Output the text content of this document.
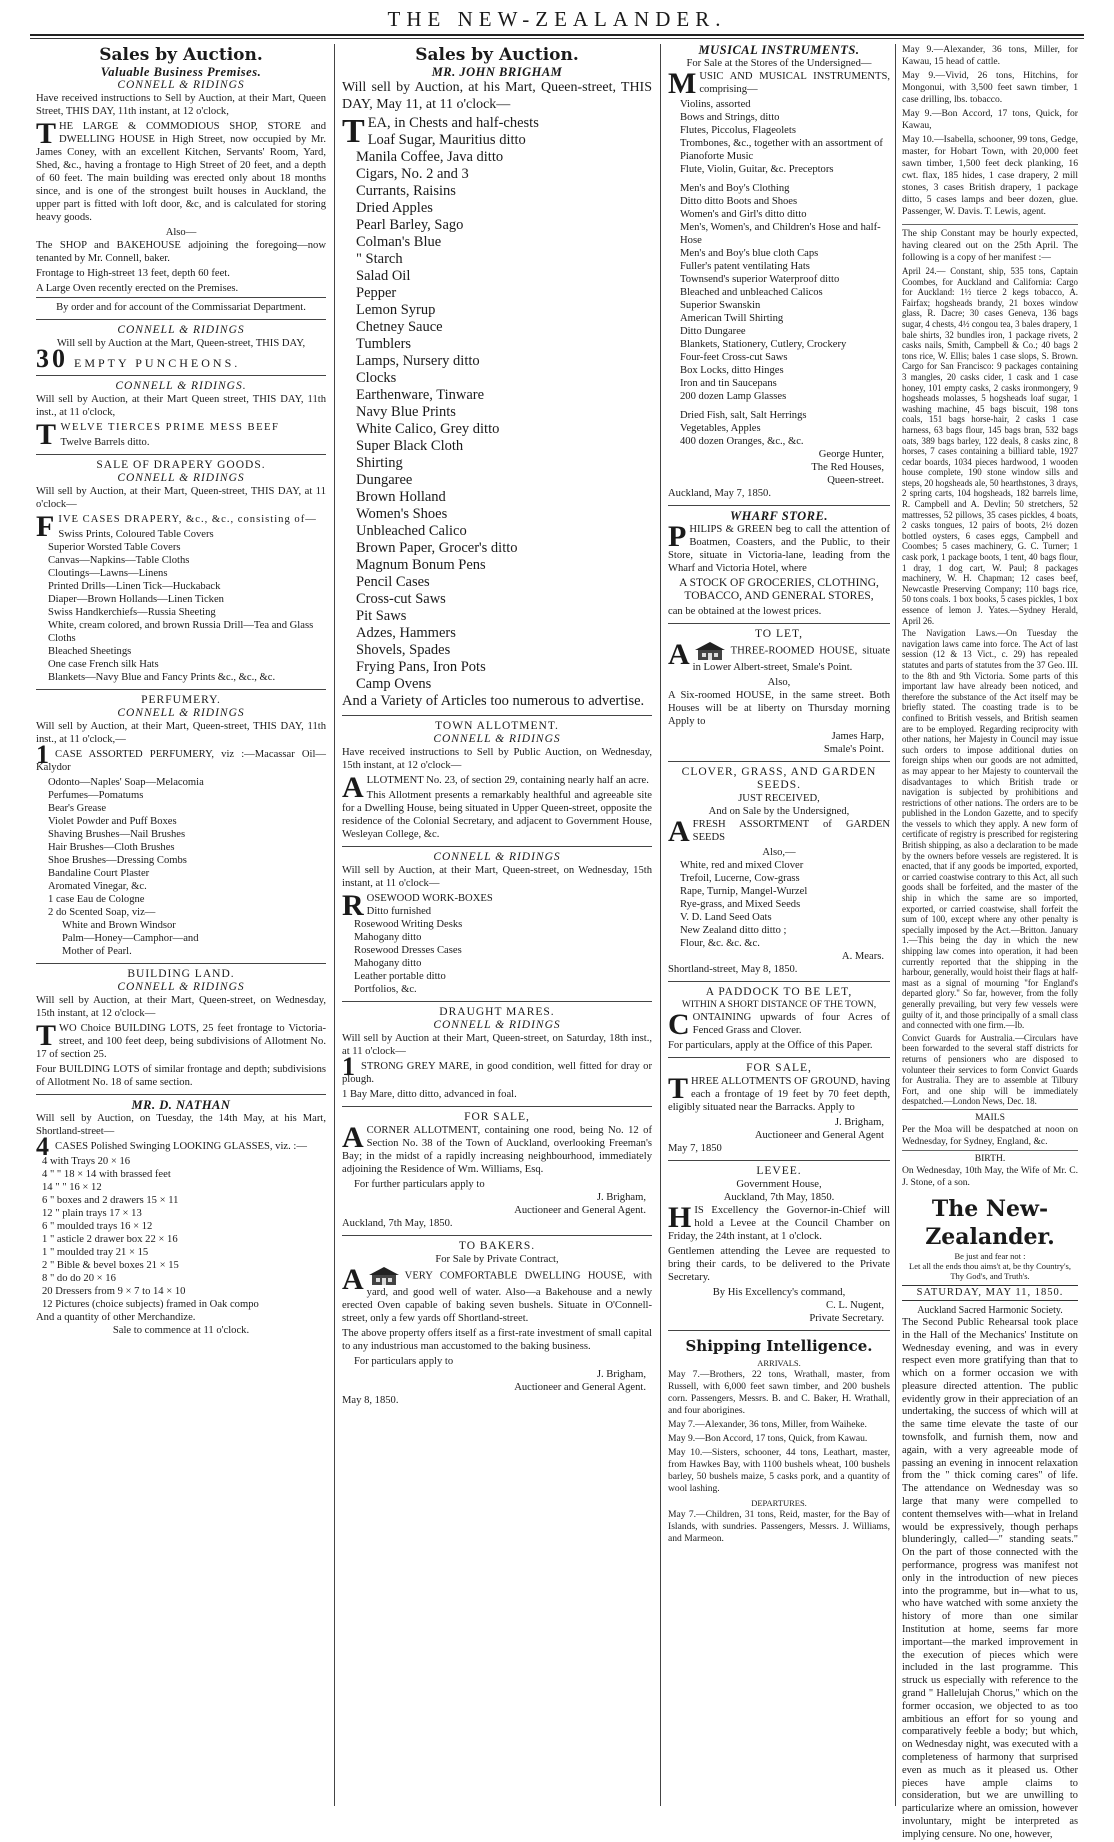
THE NEW-ZEALANDER.
Sales by Auction.
Valuable Business Premises.
CONNELL & RIDINGS

Have received instructions to Sell by Auction, at their Mart, Queen Street, THIS DAY, 11th instant, at 12 o'clock,

THE LARGE & COMMODIOUS SHOP, STORE and DWELLING HOUSE in High Street, now occupied by Mr. James Coney, with an excellent Kitchen, Servants' Room, Yard, Shed, &c., having a frontage to High Street of 20 feet, and a depth of 60 feet. The main building was erected only about 18 months since, and is one of the strongest built houses in Auckland, the upper part is fitted with loft door, &c, and is calculated for storing heavy goods.

Also—

The SHOP and BAKEHOUSE adjoining the foregoing—now tenanted by Mr. Connell, baker.

Frontage to High-street 13 feet, depth 60 feet.

A Large Oven recently erected on the Premises.

By order and for account of the Commissariat Department.

CONNELL & RIDINGS

Will sell by Auction at the Mart, Queen-street, THIS DAY,

30 EMPTY PUNCHEONS.
CONNELL & RIDINGS.

Will sell by Auction, at their Mart Queen street, THIS DAY, 11th inst., at 11 o'clock,

TWELVE TIERCES PRIME MESS BEEF

Twelve Barrels ditto.
SALE OF DRAPERY GOODS.
CONNELL & RIDINGS

Will sell by Auction, at their Mart, Queen-street, THIS DAY, at 11 o'clock—

FIVE CASES DRAPERY, &c., &c., consisting of—

Swiss Prints, Coloured Table Covers
Superior Worsted Table Covers
Canvas—Napkins—Table Cloths
Cloutings—Lawns—Linens
Printed Drills—Linen Tick—Huckaback
Diaper—Brown Hollands—Linen Ticken
Swiss Handkerchiefs—Russia Sheeting
White, cream colored, and brown Russia Drill—Tea and Glass Cloths
Bleached Sheetings
One case French silk Hats
Blankets—Navy Blue and Fancy Prints &c., &c., &c.
PERFUMERY.
CONNELL & RIDINGS

Will sell by Auction, at their Mart, Queen-street, THIS DAY, 11th inst., at 11 o'clock,—

1 CASE ASSORTED PERFUMERY, viz :—Macassar Oil—Kalydor

Odonto—Naples' Soap—Melacomia
Perfumes—Pomatums
Bear's Grease
Violet Powder and Puff Boxes
Shaving Brushes—Nail Brushes
Hair Brushes—Cloth Brushes
Shoe Brushes—Dressing Combs
Bandaline Court Plaster
Aromated Vinegar, &c.
1 case Eau de Cologne
2 do Scented Soap, viz—
White and Brown Windsor
Palm—Honey—Camphor—and
Mother of Pearl.
BUILDING LAND.
CONNELL & RIDINGS

Will sell by Auction, at their Mart, Queen-street, on Wednesday, 15th instant, at 12 o'clock—

TWO Choice BUILDING LOTS, 25 feet frontage to Victoria-street, and 100 feet deep, being subdivisions of Allotment No. 17 of section 25.

Four BUILDING LOTS of similar frontage and depth; subdivisions of Allotment No. 18 of same section.

MR. D. NATHAN

Will sell by Auction, on Tuesday, the 14th May, at his Mart, Shortland-street—

4 CASES Polished Swinging LOOKING GLASSES, viz. :—

4 with Trays 20 × 16
4 " " 18 × 14 with brassed feet
14 " " 16 × 12
6 " boxes and 2 drawers 15 × 11
12 " plain trays 17 × 13
6 " moulded trays 16 × 12
1 " asticle 2 drawer box 22 × 16
1 " moulded tray 21 × 15
2 " Bible & bevel boxes 21 × 15
8 " do do 20 × 16
20 Dressers from 9 × 7 to 14 × 10
12 Pictures (choice subjects) framed in Oak compo
And a quantity of other Merchandize.
Sale to commence at 11 o'clock.
Sales by Auction.
MR. JOHN BRIGHAM

Will sell by Auction, at his Mart, Queen-street, THIS DAY, May 11, at 11 o'clock—

TEA, in Chests and half-chests
Loaf Sugar, Mauritius ditto
Manila Coffee, Java ditto
Cigars, No. 2 and 3
Currants, Raisins
Dried Apples
Pearl Barley, Sago
Colman's Blue
" Starch
Salad Oil
Pepper
Lemon Syrup
Chetney Sauce
Tumblers
Lamps, Nursery ditto
Clocks
Earthenware, Tinware
Navy Blue Prints
White Calico, Grey ditto
Super Black Cloth
Shirting
Dungaree
Brown Holland
Women's Shoes
Unbleached Calico
Brown Paper, Grocer's ditto
Magnum Bonum Pens
Pencil Cases
Cross-cut Saws
Pit Saws
Adzes, Hammers
Shovels, Spades
Frying Pans, Iron Pots
Camp Ovens
And a Variety of Articles too numerous to advertise.
TOWN ALLOTMENT.
CONNELL & RIDINGS

Have received instructions to Sell by Public Auction, on Wednesday, 15th instant, at 12 o'clock—

ALLOTMENT No. 23, of section 29, containing nearly half an acre.

This Allotment presents a remarkably healthful and agreeable site for a Dwelling House, being situated in Upper Queen-street, opposite the residence of the Colonial Secretary, and adjacent to Government House, Wesleyan College, &c.

CONNELL & RIDINGS

Will sell by Auction, at their Mart, Queen-street, on Wednesday, 15th instant, at 11 o'clock—

ROSEWOOD WORK-BOXES
Ditto furnished
Rosewood Writing Desks
Mahogany ditto
Rosewood Dresses Cases
Mahogany ditto
Leather portable ditto
Portfolios, &c.
DRAUGHT MARES.
CONNELL & RIDINGS

Will sell by Auction at their Mart, Queen-street, on Saturday, 18th inst., at 11 o'clock—

1 STRONG GREY MARE, in good condition, well fitted for dray or plough.

1 Bay Mare, ditto ditto, advanced in foal.
FOR SALE,

ACORNER ALLOTMENT, containing one rood, being No. 12 of Section No. 38 of the Town of Auckland, overlooking Freeman's Bay; in the midst of a rapidly increasing neighbourhood, immediately adjoining the Residence of Wm. Williams, Esq.

For further particulars apply to
J. Brigham,
Auctioneer and General Agent.
Auckland, 7th May, 1850.
TO BAKERS.
For Sale by Private Contract,

A	VERY COMFORTABLE DWELLING HOUSE, with yard, and good well of water. Also—a Bakehouse and a newly erected Oven capable of baking seven bushels. Situate in O'Connell-street, only a few yards off Shortland-street.

The above property offers itself as a first-rate investment of small capital to any industrious man accustomed to the baking business.

For particulars apply to
J. Brigham,
Auctioneer and General Agent.
May 8, 1850.
MUSICAL INSTRUMENTS.
For Sale at the Stores of the Undersigned—

MUSIC AND MUSICAL INSTRUMENTS, comprising—

Violins, assorted
Bows and Strings, ditto
Flutes, Piccolus, Flageolets
Trombones, &c., together with an assortment of Pianoforte Music
Flute, Violin, Guitar, &c. Preceptors
Men's and Boy's Clothing
Ditto ditto Boots and Shoes
Women's and Girl's ditto ditto
Men's, Women's, and Children's Hose and half-Hose
Men's and Boy's blue cloth Caps
Fuller's patent ventilating Hats
Townsend's superior Waterproof ditto
Bleached and unbleached Calicos
Superior Swanskin
American Twill Shirting
Ditto Dungaree
Blankets, Stationery, Cutlery, Crockery
Four-feet Cross-cut Saws
Box Locks, ditto Hinges
Iron and tin Saucepans
200 dozen Lamp Glasses
Dried Fish, salt, Salt Herrings
Vegetables, Apples
400 dozen Oranges, &c., &c.
George Hunter,
The Red Houses,
Queen-street.
Auckland, May 7, 1850.
WHARF STORE.

PHILIPS & GREEN beg to call the attention of Boatmen, Coasters, and the Public, to their Store, situate in Victoria-lane, leading from the Wharf and Victoria Hotel, where

A STOCK OF GROCERIES, CLOTHING, TOBACCO, AND GENERAL STORES,

can be obtained at the lowest prices.

TO LET,

A	THREE-ROOMED HOUSE, situate in Lower Albert-street, Smale's Point.

Also,

A Six-roomed HOUSE, in the same street. Both Houses will be at liberty on Thursday morning Apply to

James Harp,
Smale's Point.
CLOVER, GRASS, AND GARDEN SEEDS.
JUST RECEIVED,
And on Sale by the Undersigned,

AFRESH ASSORTMENT of GARDEN SEEDS

Also,—
White, red and mixed Clover
Trefoil, Lucerne, Cow-grass
Rape, Turnip, Mangel-Wurzel
Rye-grass, and Mixed Seeds
V. D. Land Seed Oats
New Zealand ditto ditto ;
Flour, &c. &c. &c.
A. Mears.
Shortland-street, May 8, 1850.
A PADDOCK TO BE LET,
WITHIN A SHORT DISTANCE OF THE TOWN,

CONTAINING upwards of four Acres of Fenced Grass and Clover.

For particulars, apply at the Office of this Paper.

FOR SALE,

THREE ALLOTMENTS OF GROUND, having each a frontage of 19 feet by 70 feet depth, eligibly situated near the Barracks. Apply to

J. Brigham,
Auctioneer and General Agent
May 7, 1850
LEVEE.
Government House,
Auckland, 7th May, 1850.

HIS Excellency the Governor-in-Chief will hold a Levee at the Council Chamber on Friday, the 24th instant, at 1 o'clock.

Gentlemen attending the Levee are requested to bring their cards, to be delivered to the Private Secretary.

By His Excellency's command,
C. L. Nugent,
Private Secretary.
Shipping Intelligence.
ARRIVALS.

May 7.—Brothers, 22 tons, Wrathall, master, from Russell, with 6,000 feet sawn timber, and 200 bushels corn. Passengers, Messrs. B. and C. Baker, H. Wrathall, and four aborigines.

May 7.—Alexander, 36 tons, Miller, from Waiheke.

May 9.—Bon Accord, 17 tons, Quick, from Kawau.

May 10.—Sisters, schooner, 44 tons, Leathart, master, from Hawkes Bay, with 1100 bushels wheat, 100 bushels barley, 50 bushels maize, 5 casks pork, and a quantity of wool lashing.

DEPARTURES.

May 7.—Children, 31 tons, Reid, master, for the Bay of Islands, with sundries. Passengers, Messrs. J. Williams, and Marmeon.

May 9.—Alexander, 36 tons, Miller, for Kawau, 15 head of cattle.

May 9.—Vivid, 26 tons, Hitchins, for Mongonui, with 3,500 feet sawn timber, 1 case drilling, lbs. tobacco.

May 9.—Bon Accord, 17 tons, Quick, for Kawau,

May 10.—Isabella, schooner, 99 tons, Gedge, master, for Hobart Town, with 20,000 feet sawn timber, 1,500 feet deck planking, 16 cwt. flax, 185 hides, 1 case drapery, 2 mill stones, 3 cases British drapery, 1 package ditto, 5 cases lamps and beer dozen, glue. Passenger, W. Davis. T. Lewis, agent.

The ship Constant may be hourly expected, having cleared out on the 25th April. The following is a copy of her manifest :—

April 24.— Constant, ship, 535 tons, Captain Coombes, for Auckland and California: Cargo for Auckland: 1½ tierce 2 kegs tobacco, A. Fairfax; hogsheads brandy, 21 boxes window glass, R. Dacre; 30 cases Geneva, 136 bags sugar, 4 chests, 4½ congou tea, 3 bales drapery, 1 bale shirts, 32 bundles iron, 1 package rivets, 2 casks nails, Smith, Campbell & Co.; 40 bags 2 tons rice, W. Ellis; bales 1 case slops, S. Brown. Cargo for San Francisco: 9 packages containing 3 mangles, 20 casks cider, 1 cask and 1 case honey, 101 empty casks, 2 casks ironmongery, 9 hogsheads molasses, 5 hogsheads loaf sugar, 1 washing machine, 45 bags biscuit, 198 tons coals, 151 bags horse-hair, 2 casks 1 case harness, 63 bags flour, 145 bags bran, 532 bags oats, 389 bags barley, 122 deals, 8 casks zinc, 8 horses, 7 cases containing a billiard table, 1927 cedar boards, 1034 pieces hardwood, 1 wooden house complete, 190 stone window sills and steps, 20 hogsheads ale, 50 hearthstones, 3 drays, 2 spring carts, 104 hogsheads, 182 barrels lime, R. Campbell and A. Devlin; 50 stretchers, 52 mattresses, 52 pillows, 35 cases pickles, 4 boats, 2 casks tongues, 12 pairs of boots, 2½ dozen bottled oysters, 6 cases eggs, Campbell and Coombes; 5 cases machinery, G. C. Turner; 1 cask pork, 1 package boots, 1 tent, 40 bags flour, 1 dray, 1 dog cart, W. Paul; 8 packages machinery, W. H. Chapman; 12 cases beef, Newcastle Preserving Company; 110 bags rice, 50 tons coals. 1 box books, 5 cases pickles, 1 box essence of lemon J. Yates.—Sydney Herald, April 26.

The Navigation Laws.—On Tuesday the navigation laws came into force. The Act of last session (12 & 13 Vict., c. 29) has repealed statutes and parts of statutes from the 37 Geo. III. to the 8th and 9th Victoria. Some parts of this important law have already been noticed, and therefore the substance of the Act itself may be briefly stated. The coasting trade is to be confined to British vessels, and British seamen are to be employed. Regarding reciprocity with other nations, her Majesty in Council may issue such orders to impose additional duties on foreign ships when our goods are not admitted, as may appear to her Majesty to countervail the disadvantages to which British trade or navigation is subjected by prohibitions and restrictions of other nations. The orders are to be published in the London Gazette, and to specify the vessels to which they apply. A new form of certificate of registry is prescribed for registering British shipping, as also a declaration to be made by the owners before vessels are registered. It is enacted, that if any goods be imported, exported, or carried coastwise contrary to this Act, all such goods shall be forfeited, and the master of the ship in which the same are so imported, exported, or carried coastwise, shall forfeit the sum of 100, except where any other penalty is specially imposed by the Act.—Britton. January 1.—This being the day in which the new shipping law comes into operation, it had been currently reported that the shipping in the harbour, generally, would hoist their flags at half-mast as a signal of mourning "for England's departed glory." So far, however, from the folly generally prevailing, but very few vessels were guilty of it, and those principally of a small class and connected with one firm.—Ib.

Convict Guards for Australia.—Circulars have been forwarded to the several staff districts for returns of pensioners who are disposed to volunteer their services to form Convict Guards for Australia. They are to assemble at Tilbury Fort, and one ship will be immediately despatched.—London News, Dec. 18.

MAILS

Per the Moa will be despatched at noon on Wednesday, for Sydney, England, &c.

BIRTH.

On Wednesday, 10th May, the Wife of Mr. C. J. Stone, of a son.

The New-Zealander.
Be just and fear not :
Let all the ends thou aims't at, be thy Country's,
Thy God's, and Truth's.
SATURDAY, MAY 11, 1850.
Auckland Sacred Harmonic Society.

The Second Public Rehearsal took place in the Hall of the Mechanics' Institute on Wednesday evening, and was in every respect even more gratifying than that to which on a former occasion we with pleasure directed attention. The public evidently grow in their appreciation of an undertaking, the success of which will at the same time elevate the taste of our townsfolk, and furnish them, now and again, with a very agreeable mode of passing an evening in innocent relaxation from the " thick coming cares" of life. The attendance on Wednesday was so large that many were compelled to content themselves with—what in Ireland would be expressively, though perhaps blunderingly, called—" standing seats." On the part of those connected with the performance, progress was manifest not only in the introduction of new pieces into the programme, but in—what to us, who have watched with some anxiety the history of more than one similar Institution at home, seems far more important—the marked improvement in the execution of pieces which were included in the last programme. This struck us especially with reference to the grand " Hallelujah Chorus," which on the former occasion, we objected to as too ambitious an effort for so young and comparatively feeble a body; but which, on Wednesday night, was executed with a completeness of harmony that surprised even as much as it pleased us. Other pieces have ample claims to consideration, but we are unwilling to particularize where an omission, however involuntary, might be interpreted as implying censure. No one, however,
